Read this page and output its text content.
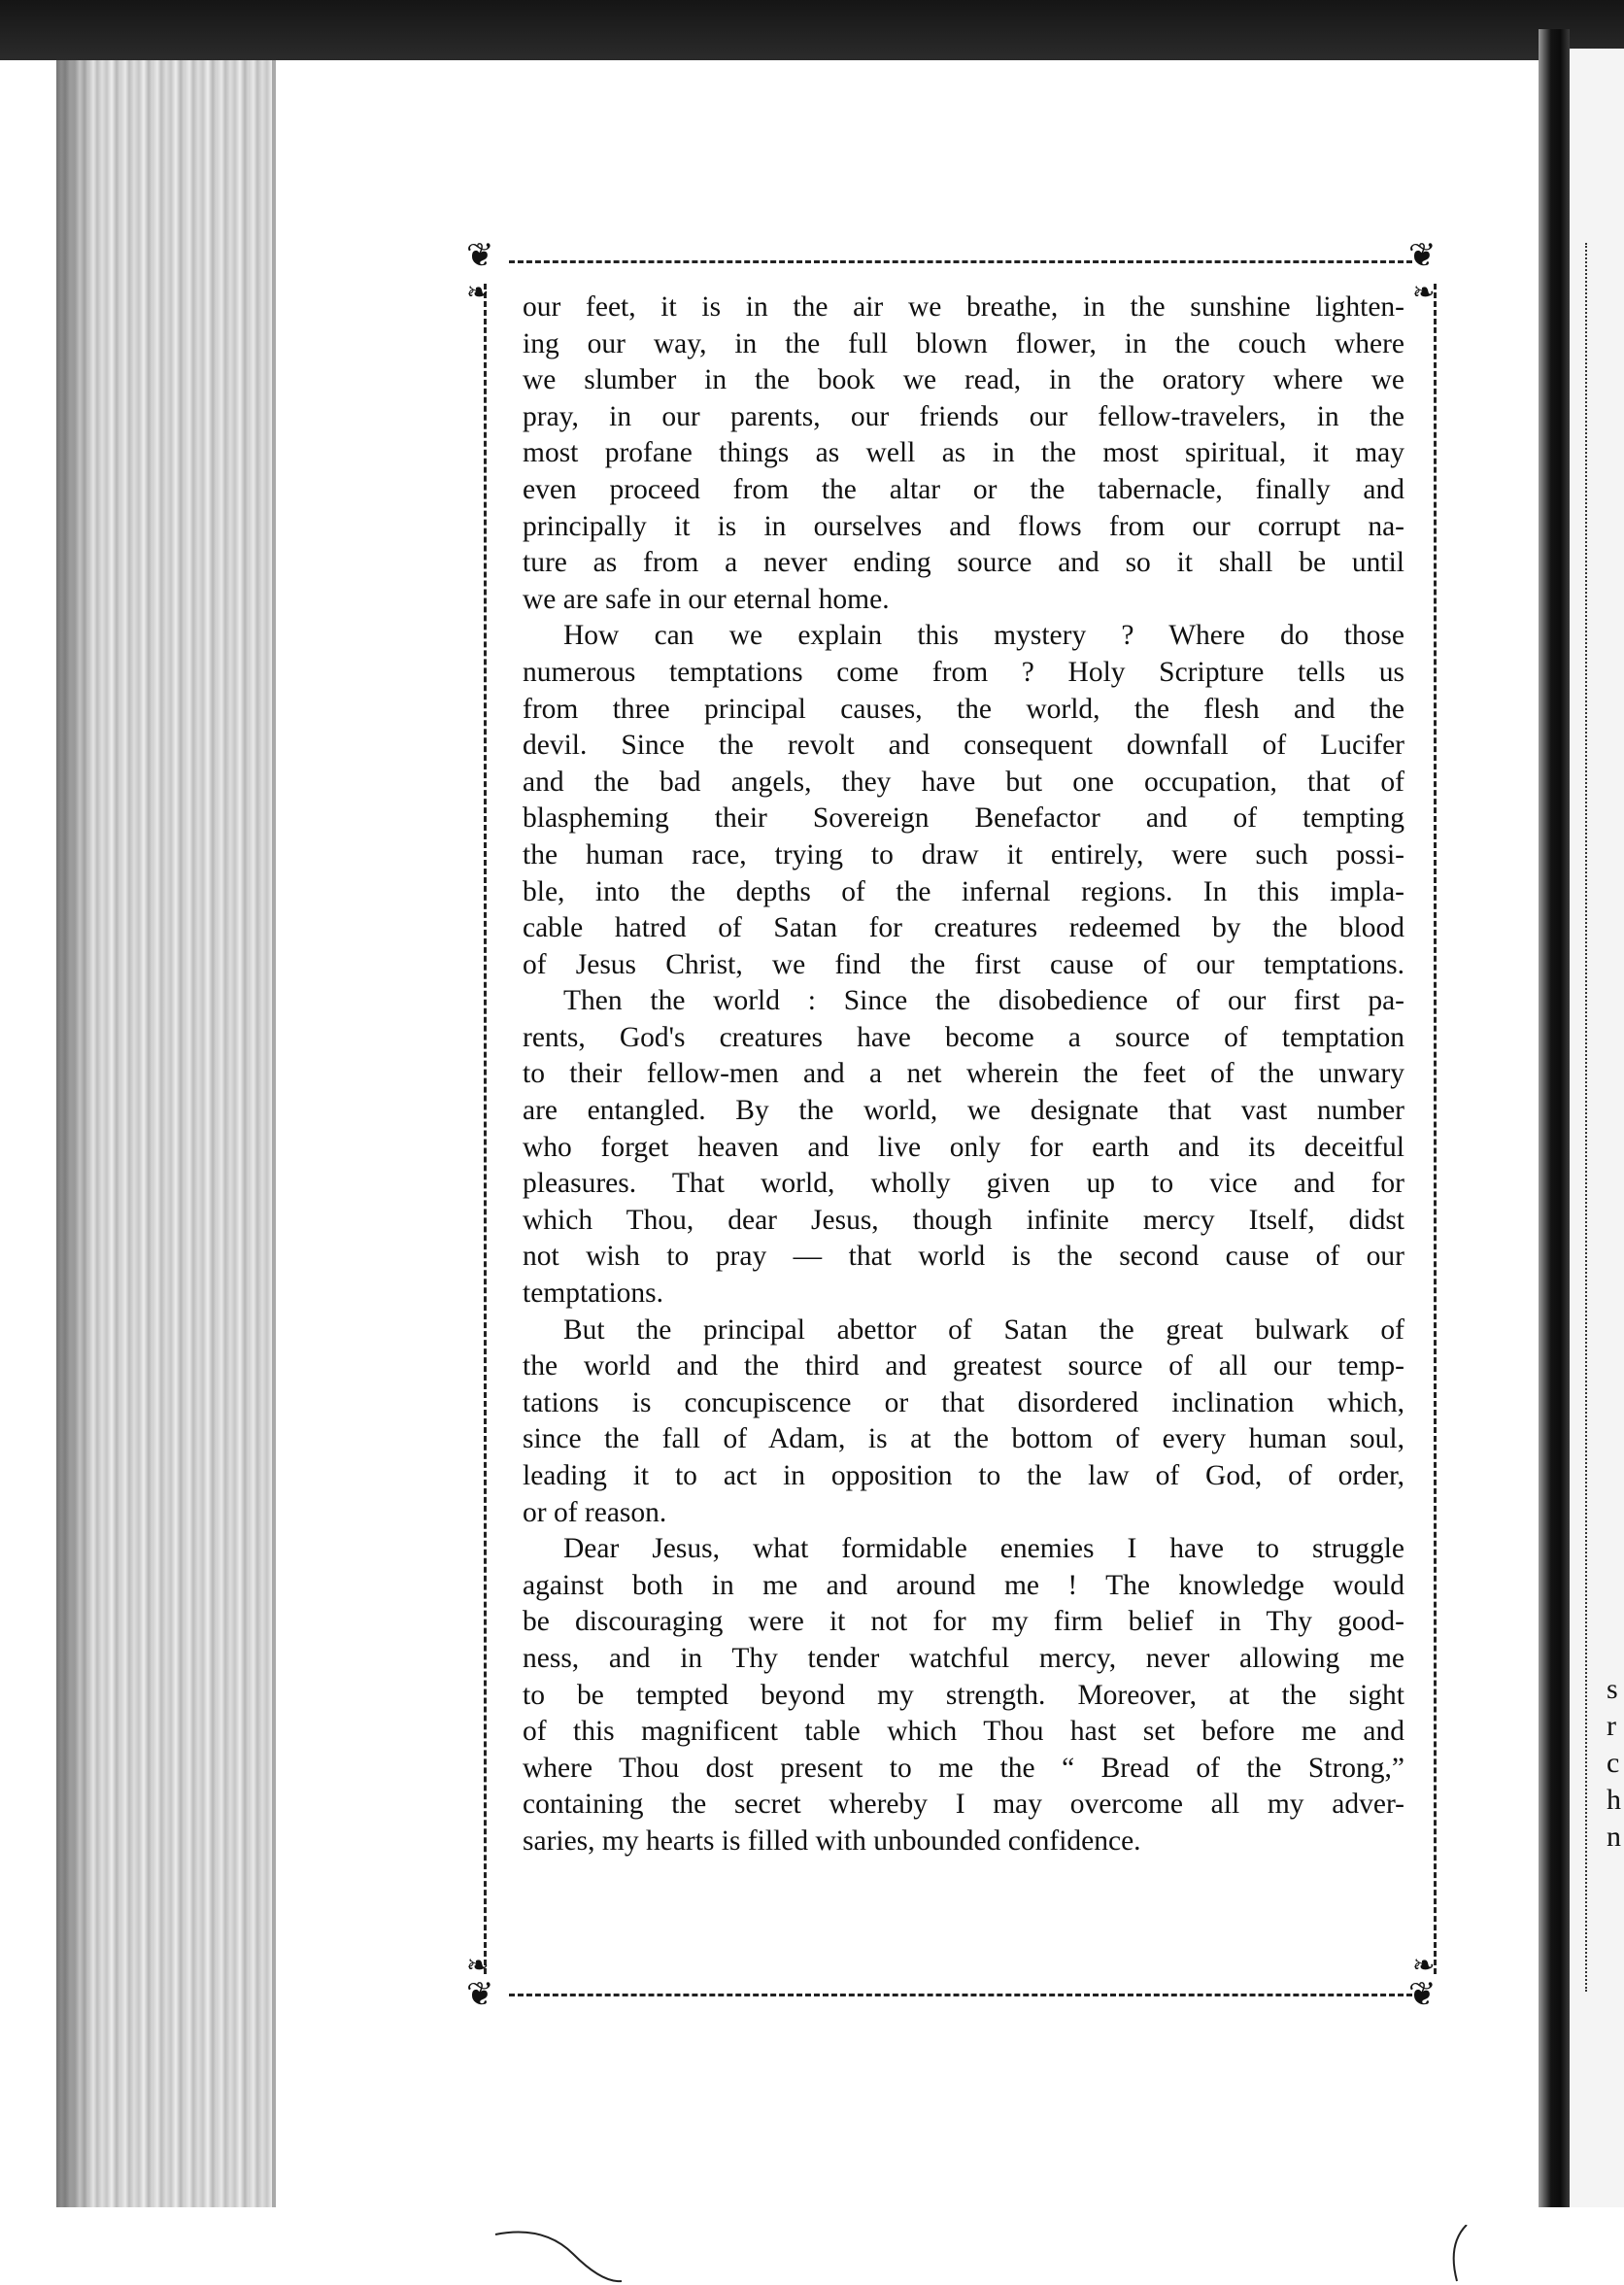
❦
❧
❦
❧
❧
❦
❧
❦

our feet, it is in the air we breathe, in the sunshine lighten-

ing our way, in the full blown flower, in the couch where

we slumber in the book we read, in the oratory where we

pray, in our parents, our friends our fellow-travelers, in the

most profane things as well as in the most spiritual, it may

even proceed from the altar or the tabernacle, finally and

principally it is in ourselves and flows from our corrupt na-

ture as from a never ending source and so it shall be until

we are safe in our eternal home.

How can we explain this mystery ? Where do those

numerous temptations come from ? Holy Scripture tells us

from three principal causes, the world, the flesh and the

devil. Since the revolt and consequent downfall of Lucifer

and the bad angels, they have but one occupation, that of

blaspheming their Sovereign Benefactor and of tempting

the human race, trying to draw it entirely, were such possi-

ble, into the depths of the infernal regions. In this impla-

cable hatred of Satan for creatures redeemed by the blood

of Jesus Christ, we find the first cause of our temptations.

Then the world : Since the disobedience of our first pa-

rents, God's creatures have become a source of temptation

to their fellow-men and a net wherein the feet of the unwary

are entangled. By the world, we designate that vast number

who forget heaven and live only for earth and its deceitful

pleasures. That world, wholly given up to vice and for

which Thou, dear Jesus, though infinite mercy Itself, didst

not wish to pray — that world is the second cause of our

temptations.

But the principal abettor of Satan the great bulwark of

the world and the third and greatest source of all our temp-

tations is concupiscence or that disordered inclination which,

since the fall of Adam, is at the bottom of every human soul,

leading it to act in opposition to the law of God, of order,

or of reason.

Dear Jesus, what formidable enemies I have to struggle

against both in me and around me ! The knowledge would

be discouraging were it not for my firm belief in Thy good-

ness, and in Thy tender watchful mercy, never allowing me

to be tempted beyond my strength. Moreover, at the sight

of this magnificent table which Thou hast set before me and

where Thou dost present to me the “ Bread of the Strong,”

containing the secret whereby I may overcome all my adver-

saries, my hearts is filled with unbounded confidence.

s
r
c
h
n
